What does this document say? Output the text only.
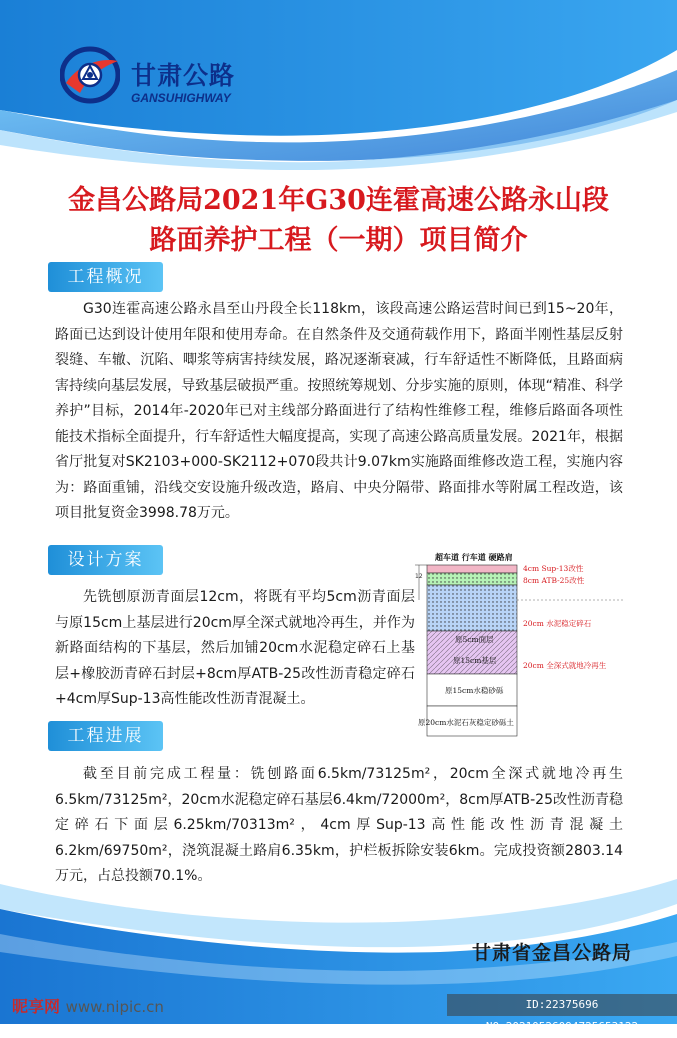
甘肃公路
GANSUHIGHWAY
金昌公路局2021年G30连霍高速公路永山段
路面养护工程（一期）项目简介
工程概况
G30连霍高速公路永昌至山丹段全长118km，该段高速公路运营时间已到15~20年，路面已达到设计使用年限和使用寿命。在自然条件及交通荷载作用下，路面半刚性基层反射裂缝、车辙、沉陷、唧浆等病害持续发展，路况逐渐衰减，行车舒适性不断降低，且路面病害持续向基层发展，导致基层破损严重。按照统筹规划、分步实施的原则，体现“精准、科学养护”目标，2014年-2020年已对主线部分路面进行了结构性维修工程，维修后路面各项性能技术指标全面提升，行车舒适性大幅度提高，实现了高速公路高质量发展。2021年，根据省厅批复对SK2103+000-SK2112+070段共计9.07km实施路面维修改造工程，实施内容为：路面重铺，沿线交安设施升级改造，路肩、中央分隔带、路面排水等附属工程改造，该项目批复资金3998.78万元。
设计方案
先铣刨原沥青面层12cm，将既有平均5cm沥青面层与原15cm上基层进行20cm厚全深式就地冷再生，并作为新路面结构的下基层，然后加铺20cm水泥稳定碎石上基层+橡胶沥青碎石封层+8cm厚ATB-25改性沥青稳定碎石+4cm厚Sup-13高性能改性沥青混凝土。
超车道 行车道 硬路肩
12
原5cm面层
原15cm基层
原15cm水稳砂砾
原20cm水泥石灰稳定砂砾土
4cm Sup-13改性
8cm ATB-25改性
20cm 水泥稳定碎石
20cm 全深式就地冷再生
工程进展
截至目前完成工程量：铣刨路面6.5km/73125m²，20cm全深式就地冷再生6.5km/73125m²，20cm水泥稳定碎石基层6.4km/72000m²，8cm厚ATB-25改性沥青稳定碎石下面层6.25km/70313m²，4cm厚Sup-13高性能改性沥青混凝土6.2km/69750m²，浇筑混凝土路肩6.35km，护栏板拆除安装6km。完成投资额2803.14万元，占总投额70.1%。
甘肃省金昌公路局
昵享网 www.nipic.cn	ID:22375696 NO:20210526094725653122
